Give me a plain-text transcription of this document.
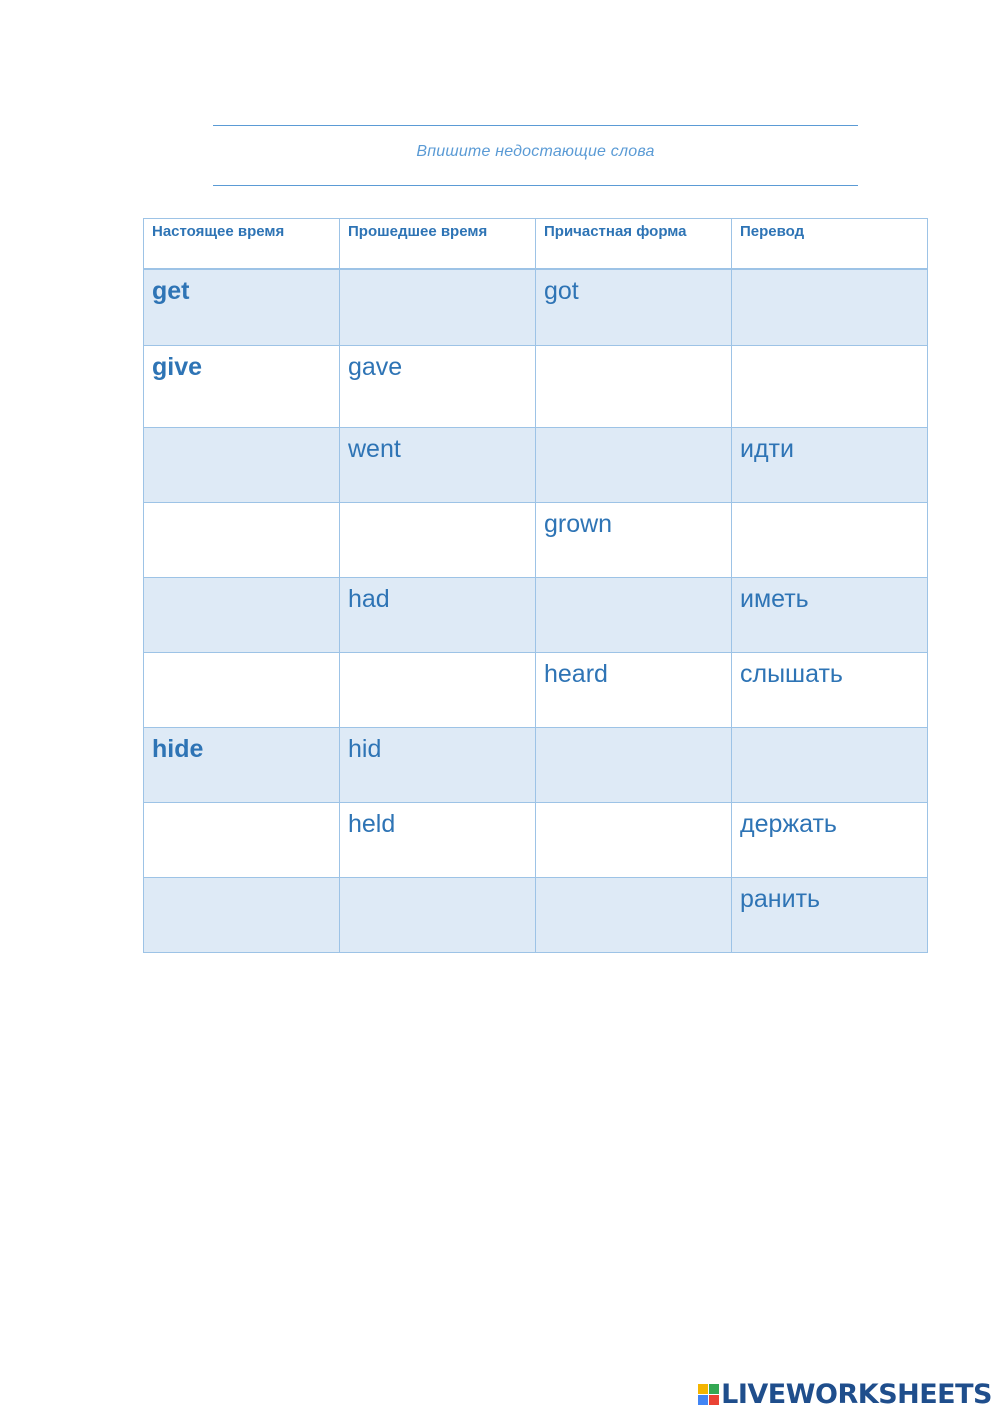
Впишите недостающие слова
Настоящее время	Прошедшее время	Причастная форма	Перевод
get		got	
give	gave		
	went		идти
		grown	
	had		иметь
		heard	слышать
hide	hid		
	held		держать
			ранить
LIVEWORKSHEETS
